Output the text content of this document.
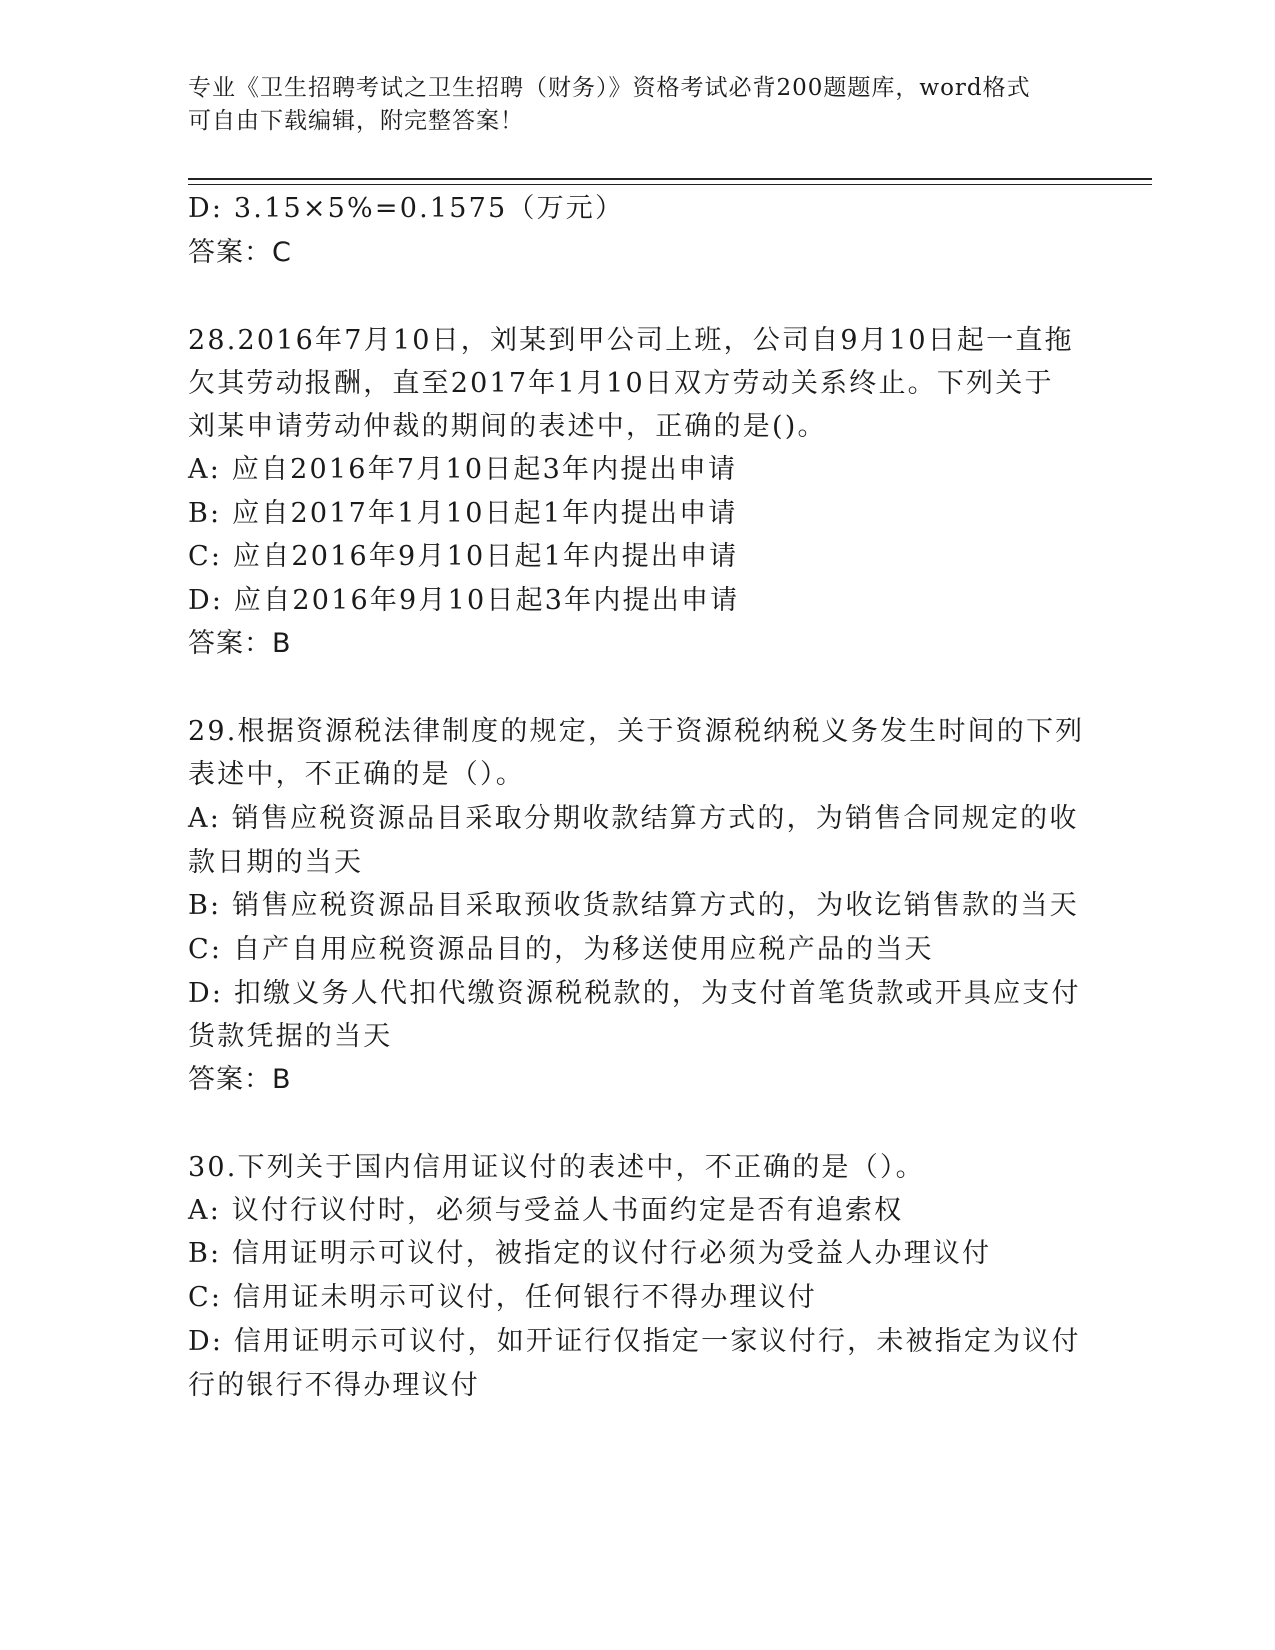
专业《卫生招聘考试之卫生招聘（财务）》资格考试必背200题题库，word格式
可自由下载编辑，附完整答案！
D: 3.15×5%=0.1575（万元）
答案：C
28.2016年7月10日，刘某到甲公司上班，公司自9月10日起一直拖
欠其劳动报酬，直至2017年1月10日双方劳动关系终止。下列关于
刘某申请劳动仲裁的期间的表述中，正确的是()。
A: 应自2016年7月10日起3年内提出申请
B: 应自2017年1月10日起1年内提出申请
C: 应自2016年9月10日起1年内提出申请
D: 应自2016年9月10日起3年内提出申请
答案：B
29.根据资源税法律制度的规定，关于资源税纳税义务发生时间的下列
表述中，不正确的是（）。
A: 销售应税资源品目采取分期收款结算方式的，为销售合同规定的收
款日期的当天
B: 销售应税资源品目采取预收货款结算方式的，为收讫销售款的当天
C: 自产自用应税资源品目的，为移送使用应税产品的当天
D: 扣缴义务人代扣代缴资源税税款的，为支付首笔货款或开具应支付
货款凭据的当天
答案：B
30.下列关于国内信用证议付的表述中，不正确的是（）。
A: 议付行议付时，必须与受益人书面约定是否有追索权
B: 信用证明示可议付，被指定的议付行必须为受益人办理议付
C: 信用证未明示可议付，任何银行不得办理议付
D: 信用证明示可议付，如开证行仅指定一家议付行，未被指定为议付
行的银行不得办理议付
